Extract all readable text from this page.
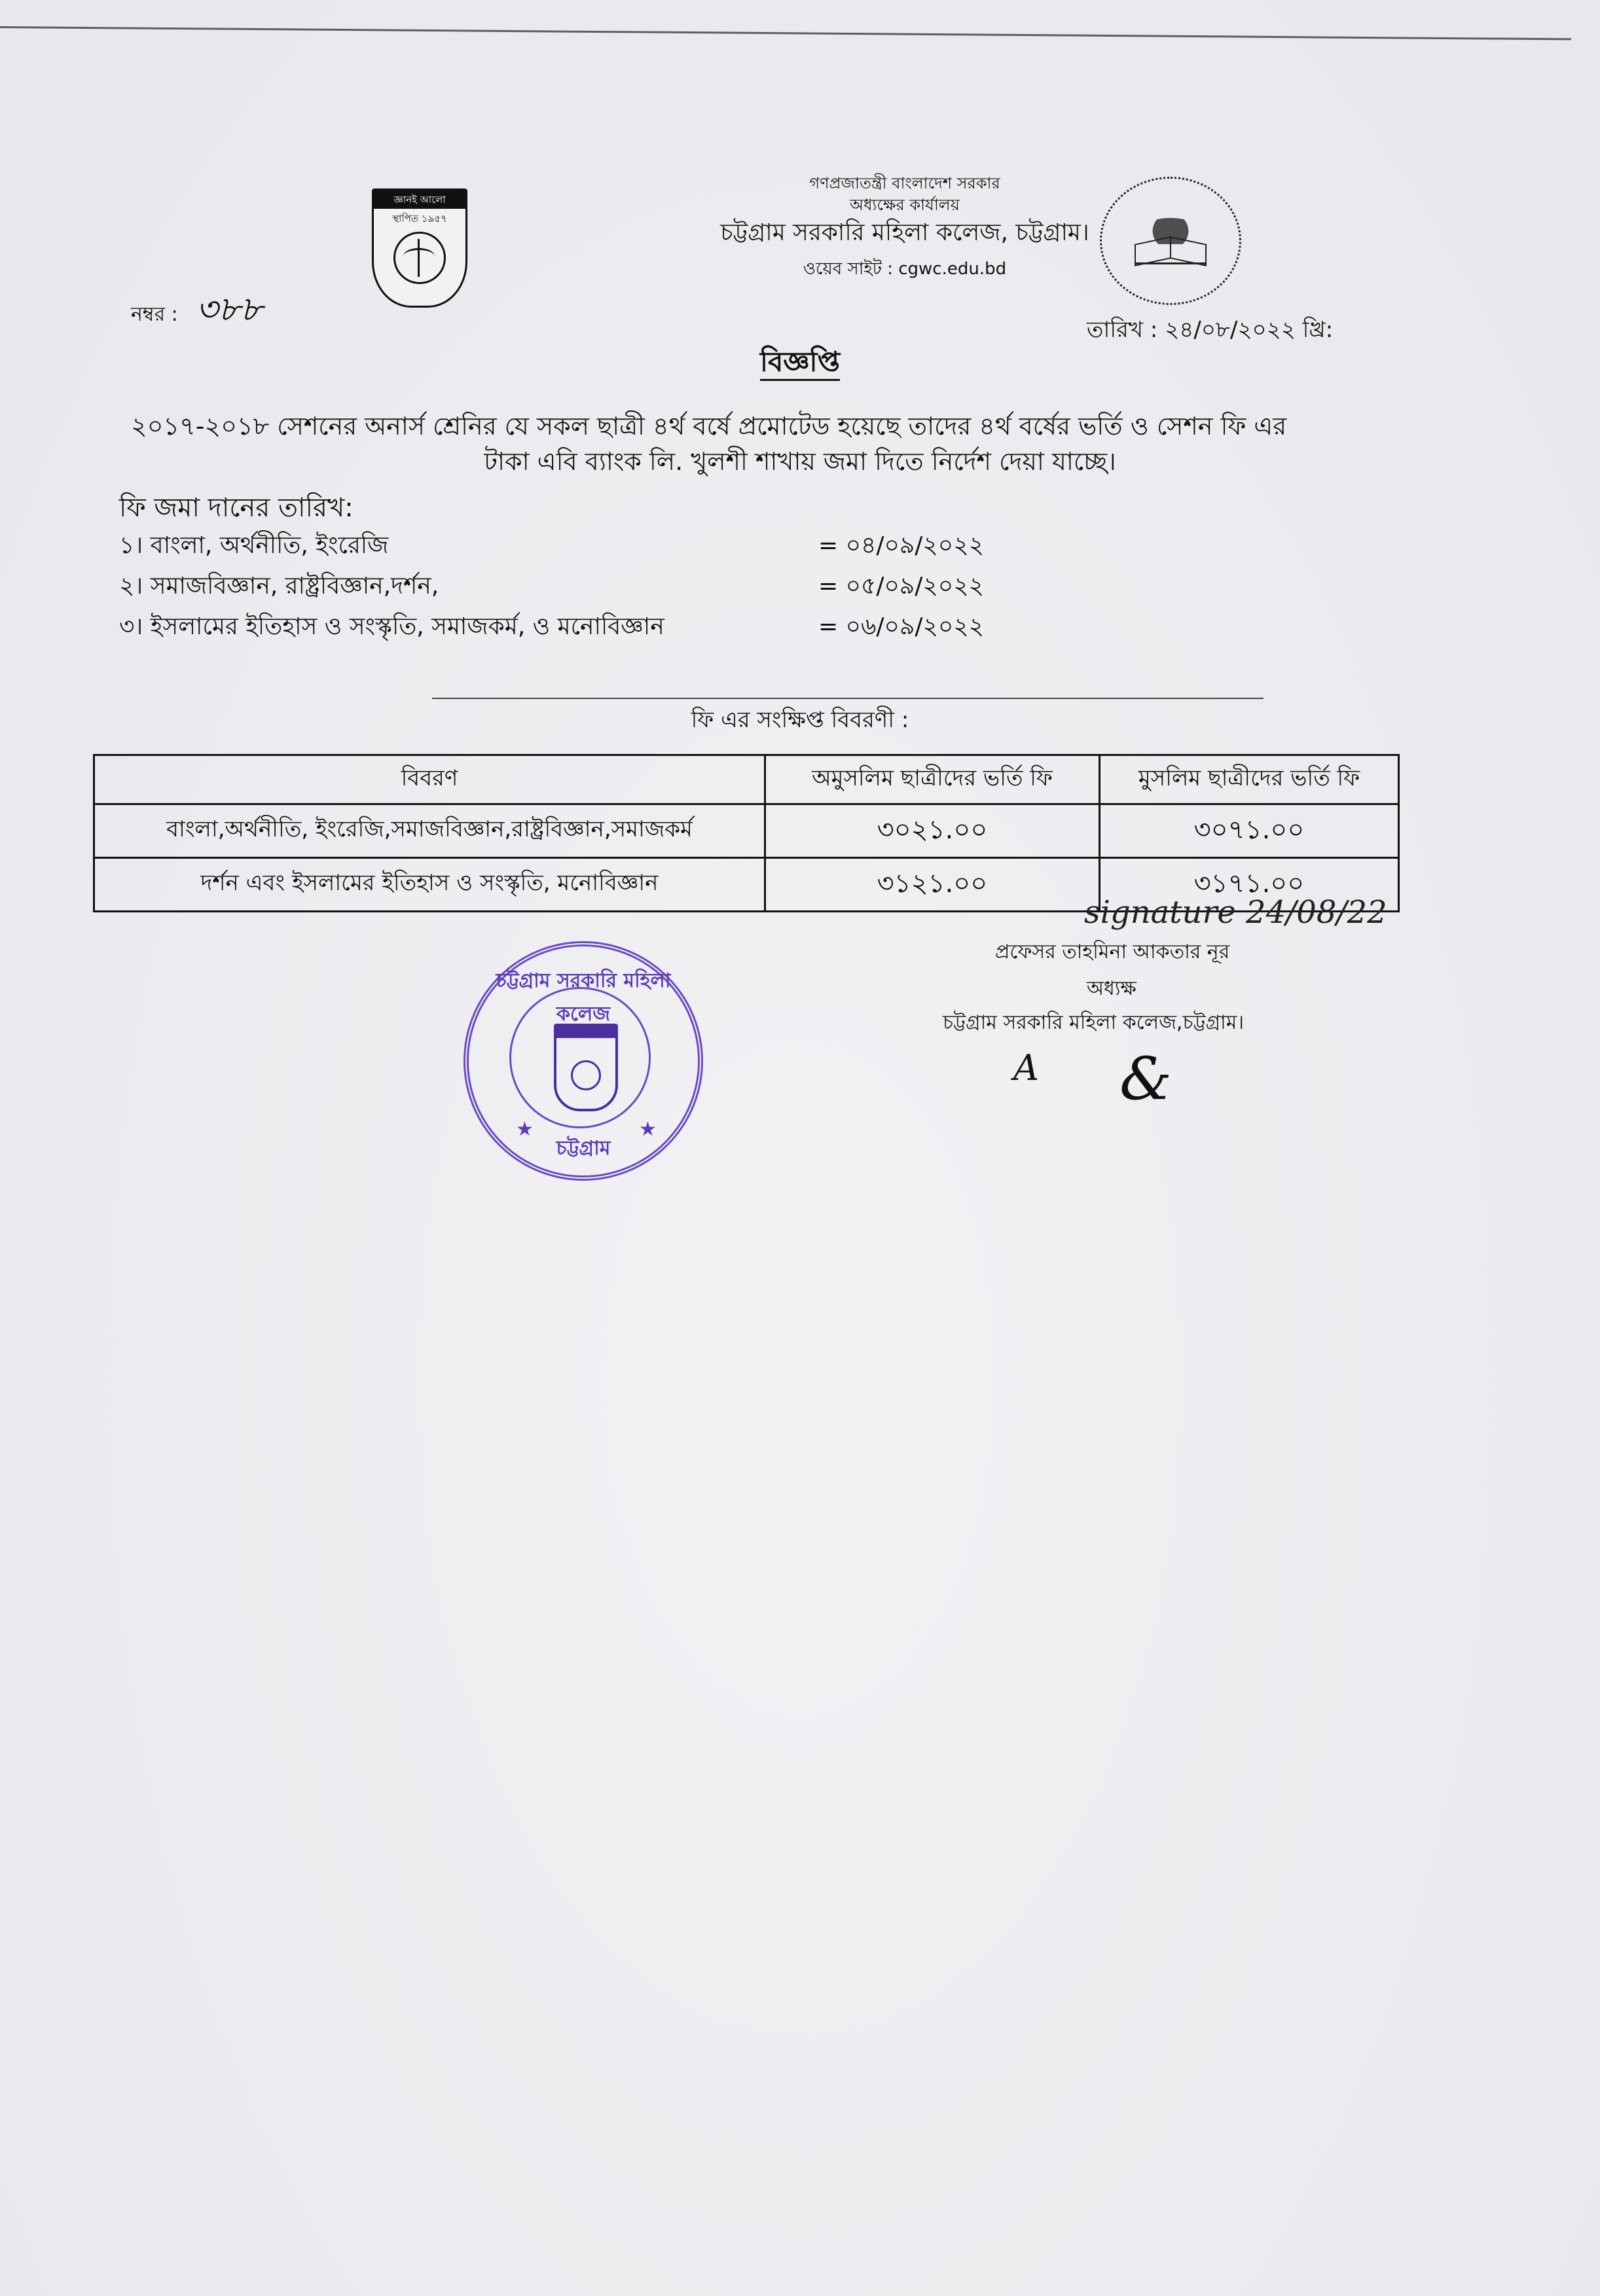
গণপ্রজাতন্ত্রী বাংলাদেশ সরকার
অধ্যক্ষের কার্যালয়
চট্টগ্রাম সরকারি মহিলা কলেজ, চট্টগ্রাম।
ওয়েব সাইট : cgwc.edu.bd
জ্ঞানই আলো
স্থাপিত ১৯৫৭
নম্বর : ৩৮৮
তারিখ : ২৪/০৮/২০২২ খ্রি:
বিজ্ঞপ্তি
২০১৭-২০১৮ সেশনের অনার্স শ্রেনির যে সকল ছাত্রী ৪র্থ বর্ষে প্রমোটেড হয়েছে তাদের ৪র্থ বর্ষের ভর্তি ও সেশন ফি এর
টাকা এবি ব্যাংক লি. খুলশী শাখায় জমা দিতে নির্দেশ দেয়া যাচ্ছে।
ফি জমা দানের তারিখ:
১। বাংলা, অর্থনীতি, ইংরেজি	= ০৪/০৯/২০২২
২। সমাজবিজ্ঞান, রাষ্ট্রবিজ্ঞান,দর্শন,	= ০৫/০৯/২০২২
৩। ইসলামের ইতিহাস ও সংস্কৃতি, সমাজকর্ম, ও মনোবিজ্ঞান	= ০৬/০৯/২০২২
ফি এর সংক্ষিপ্ত বিবরণী :
বিবরণ	অমুসলিম ছাত্রীদের ভর্তি ফি	মুসলিম ছাত্রীদের ভর্তি ফি
বাংলা,অর্থনীতি, ইংরেজি,সমাজবিজ্ঞান,রাষ্ট্রবিজ্ঞান,সমাজকর্ম	৩০২১.০০	৩০৭১.০০
দর্শন এবং ইসলামের ইতিহাস ও সংস্কৃতি, মনোবিজ্ঞান	৩১২১.০০	৩১৭১.০০
signature 24/08/22
প্রফেসর তাহমিনা আকতার নূর
অধ্যক্ষ
চট্টগ্রাম সরকারি মহিলা কলেজ,চট্টগ্রাম।
A &
চট্টগ্রাম সরকারি মহিলা কলেজ
★	★
চট্টগ্রাম
